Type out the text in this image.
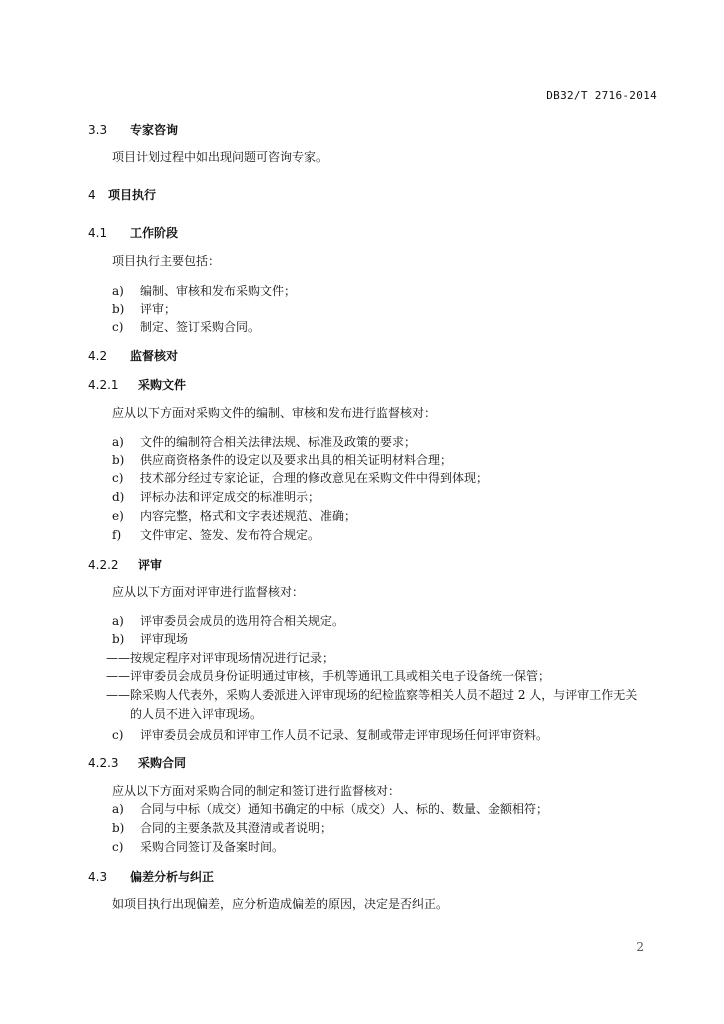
DB32/T 2716-2014
3.3 专家咨询
项目计划过程中如出现问题可咨询专家。
4 项目执行
4.1 工作阶段
项目执行主要包括：
a) 编制、审核和发布采购文件；
b) 评审；
c) 制定、签订采购合同。
4.2 监督核对
4.2.1 采购文件
应从以下方面对采购文件的编制、审核和发布进行监督核对：
a) 文件的编制符合相关法律法规、标准及政策的要求；
b) 供应商资格条件的设定以及要求出具的相关证明材料合理；
c) 技术部分经过专家论证，合理的修改意见在采购文件中得到体现；
d) 评标办法和评定成交的标准明示；
e) 内容完整，格式和文字表述规范、准确；
f) 文件审定、签发、发布符合规定。
4.2.2 评审
应从以下方面对评审进行监督核对：
a) 评审委员会成员的选用符合相关规定。
b) 评审现场
——按规定程序对评审现场情况进行记录；
——评审委员会成员身份证明通过审核，手机等通讯工具或相关电子设备统一保管；
——除采购人代表外，采购人委派进入评审现场的纪检监察等相关人员不超过 2 人，与评审工作无关
的人员不进入评审现场。
c) 评审委员会成员和评审工作人员不记录、复制或带走评审现场任何评审资料。
4.2.3 采购合同
应从以下方面对采购合同的制定和签订进行监督核对：
a) 合同与中标（成交）通知书确定的中标（成交）人、标的、数量、金额相符；
b) 合同的主要条款及其澄清或者说明；
c) 采购合同签订及备案时间。
4.3 偏差分析与纠正
如项目执行出现偏差，应分析造成偏差的原因，决定是否纠正。
2
